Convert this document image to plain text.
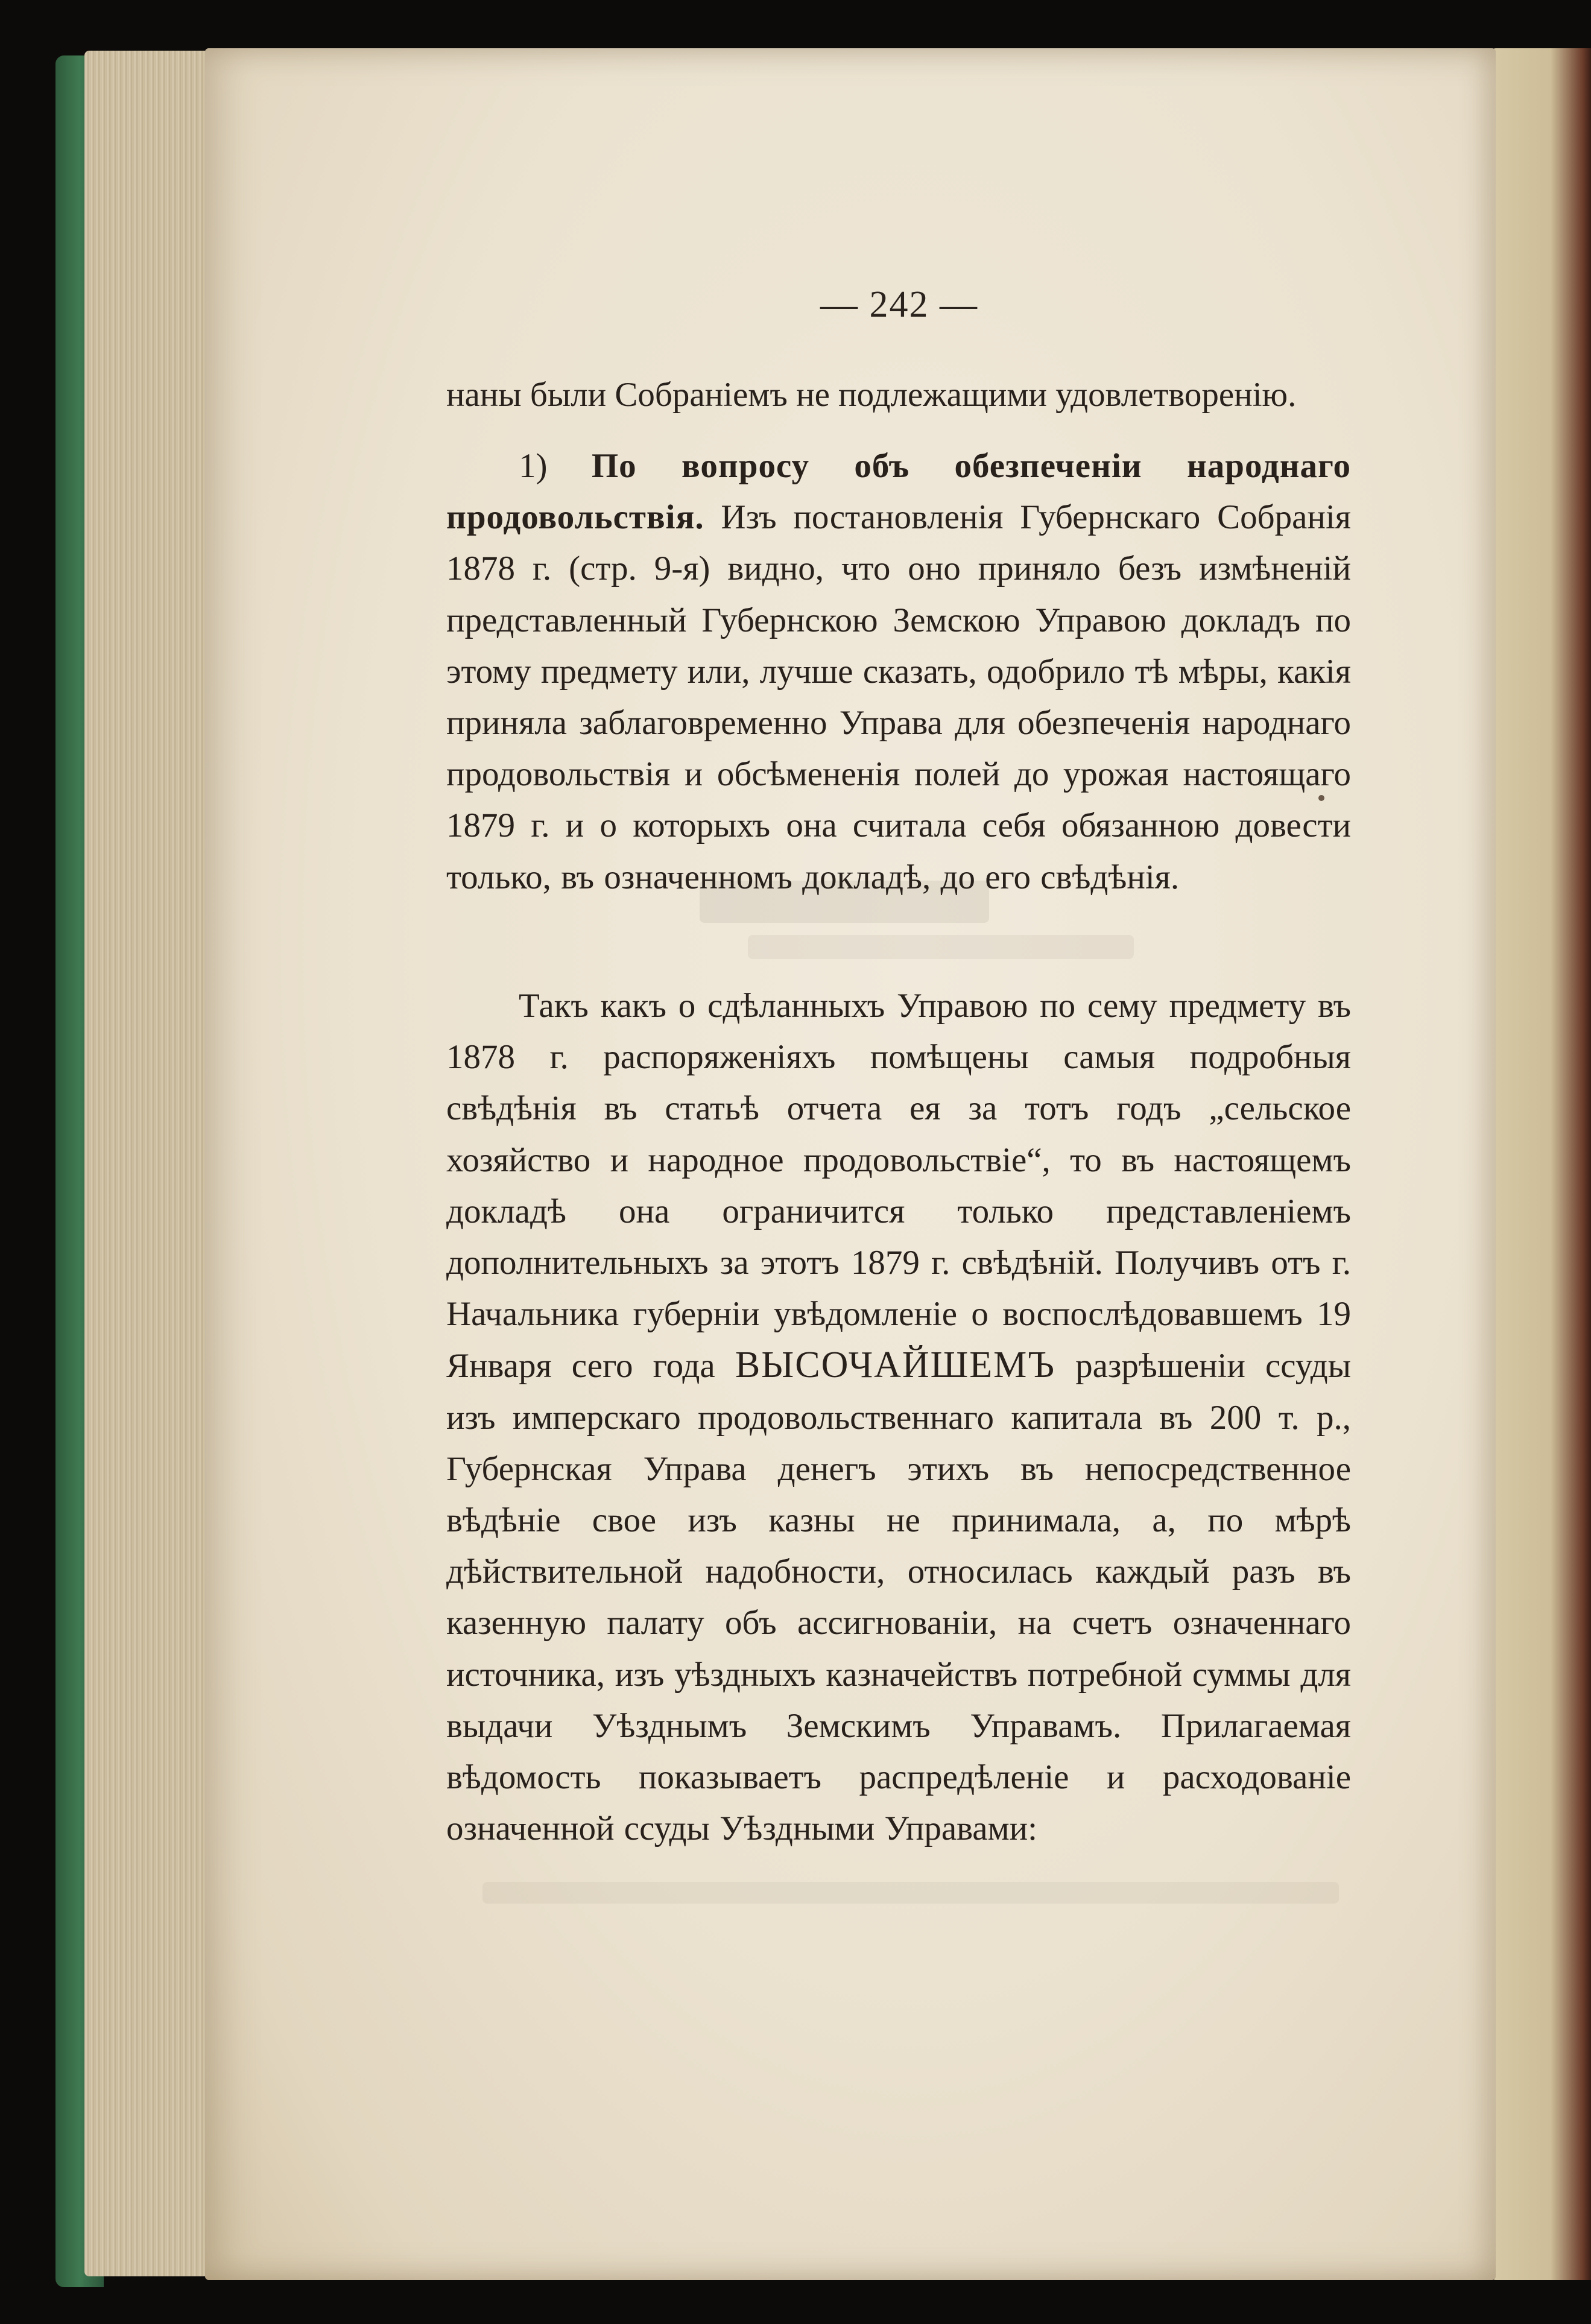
— 242 —
наны были Собраніемъ не подлежащими удовлетворенію.
1) По вопросу объ обезпеченіи народнаго продовольствія. Изъ постановленія Губернскаго Собранія 1878 г. (стр. 9-я) видно, что оно приняло безъ измѣненій представленный Губернскою Земскою Управою докладъ по этому предмету или, лучше сказать, одобрило тѣ мѣры, какія приняла заблаговременно Управа для обезпеченія народнаго продовольствія и обсѣмененія полей до урожая настоящаго 1879 г. и о которыхъ она считала себя обязанною довести только, въ означенномъ докладѣ, до его свѣдѣнія.
Такъ какъ о сдѣланныхъ Управою по сему предмету въ 1878 г. распоряженіяхъ помѣщены самыя подробныя свѣдѣнія въ статьѣ отчета ея за тотъ годъ „сельское хозяйство и народное продовольствіе“, то въ настоящемъ докладѣ она ограничится только представленіемъ дополнительныхъ за этотъ 1879 г. свѣдѣній. Получивъ отъ г. Начальника губерніи увѣдомленіе о воспослѣдовавшемъ 19 Января сего года ВЫСОЧАЙШЕМЪ разрѣшеніи ссуды изъ имперскаго продовольственнаго капитала въ 200 т. р., Губернская Управа денегъ этихъ въ непосредственное вѣдѣніе свое изъ казны не принимала, а, по мѣрѣ дѣйствительной надобности, относилась каждый разъ въ казенную палату объ ассигнованіи, на счетъ означеннаго источника, изъ уѣздныхъ казначействъ потребной суммы для выдачи Уѣзднымъ Земскимъ Управамъ. Прилагаемая вѣдомость показываетъ распредѣленіе и расходованіе означенной ссуды Уѣздными Управами:
